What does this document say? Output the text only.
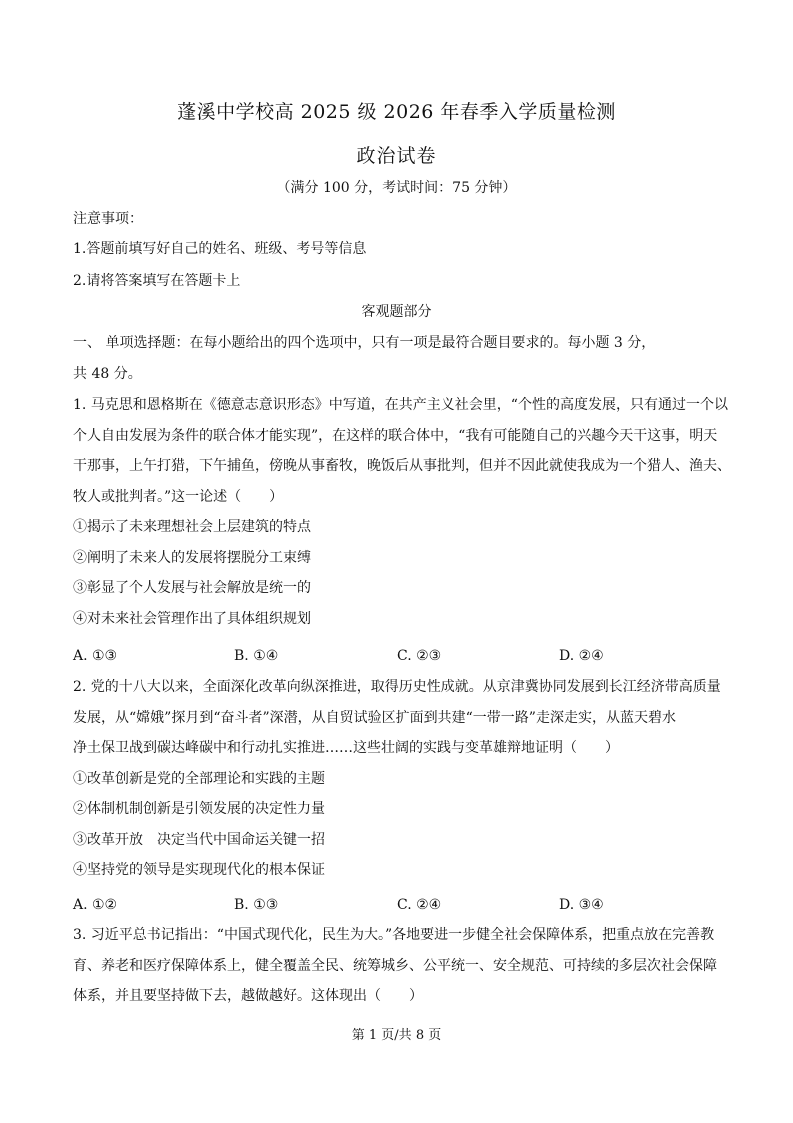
蓬溪中学校高 2025 级 2026 年春季入学质量检测
政治试卷
（满分 100 分，考试时间：75 分钟）
注意事项：
1.答题前填写好自己的姓名、班级、考号等信息
2.请将答案填写在答题卡上
客观题部分
一、 单项选择题：在每小题给出的四个选项中，只有一项是最符合题目要求的。每小题 3 分，
共 48 分。
1. 马克思和恩格斯在《德意志意识形态》中写道，在共产主义社会里，“个性的高度发展，只有通过一个以
个人自由发展为条件的联合体才能实现”，在这样的联合体中，“我有可能随自己的兴趣今天干这事，明天
干那事，上午打猎，下午捕鱼，傍晚从事畜牧，晚饭后从事批判，但并不因此就使我成为一个猎人、渔夫、
牧人或批判者。”这一论述（　　）
①揭示了未来理想社会上层建筑的特点
②阐明了未来人的发展将摆脱分工束缚
③彰显了个人发展与社会解放是统一的
④对未来社会管理作出了具体组织规划
A. ①③	B. ①④	C. ②③	D. ②④
2. 党的十八大以来，全面深化改革向纵深推进，取得历史性成就。从京津冀协同发展到长江经济带高质量
发展，从“嫦娥”探月到“奋斗者”深潜，从自贸试验区扩面到共建“一带一路”走深走实，从蓝天碧水
净土保卫战到碳达峰碳中和行动扎实推进……这些壮阔的实践与变革雄辩地证明（　　）
①改革创新是党的全部理论和实践的主题
②体制机制创新是引领发展的决定性力量
③改革开放　决定当代中国命运关键一招
④坚持党的领导是实现现代化的根本保证
A. ①②	B. ①③	C. ②④	D. ③④
3. 习近平总书记指出：“中国式现代化，民生为大。”各地要进一步健全社会保障体系，把重点放在完善教
育、养老和医疗保障体系上，健全覆盖全民、统筹城乡、公平统一、安全规范、可持续的多层次社会保障
体系，并且要坚持做下去，越做越好。这体现出（　　）
第 1 页/共 8 页
